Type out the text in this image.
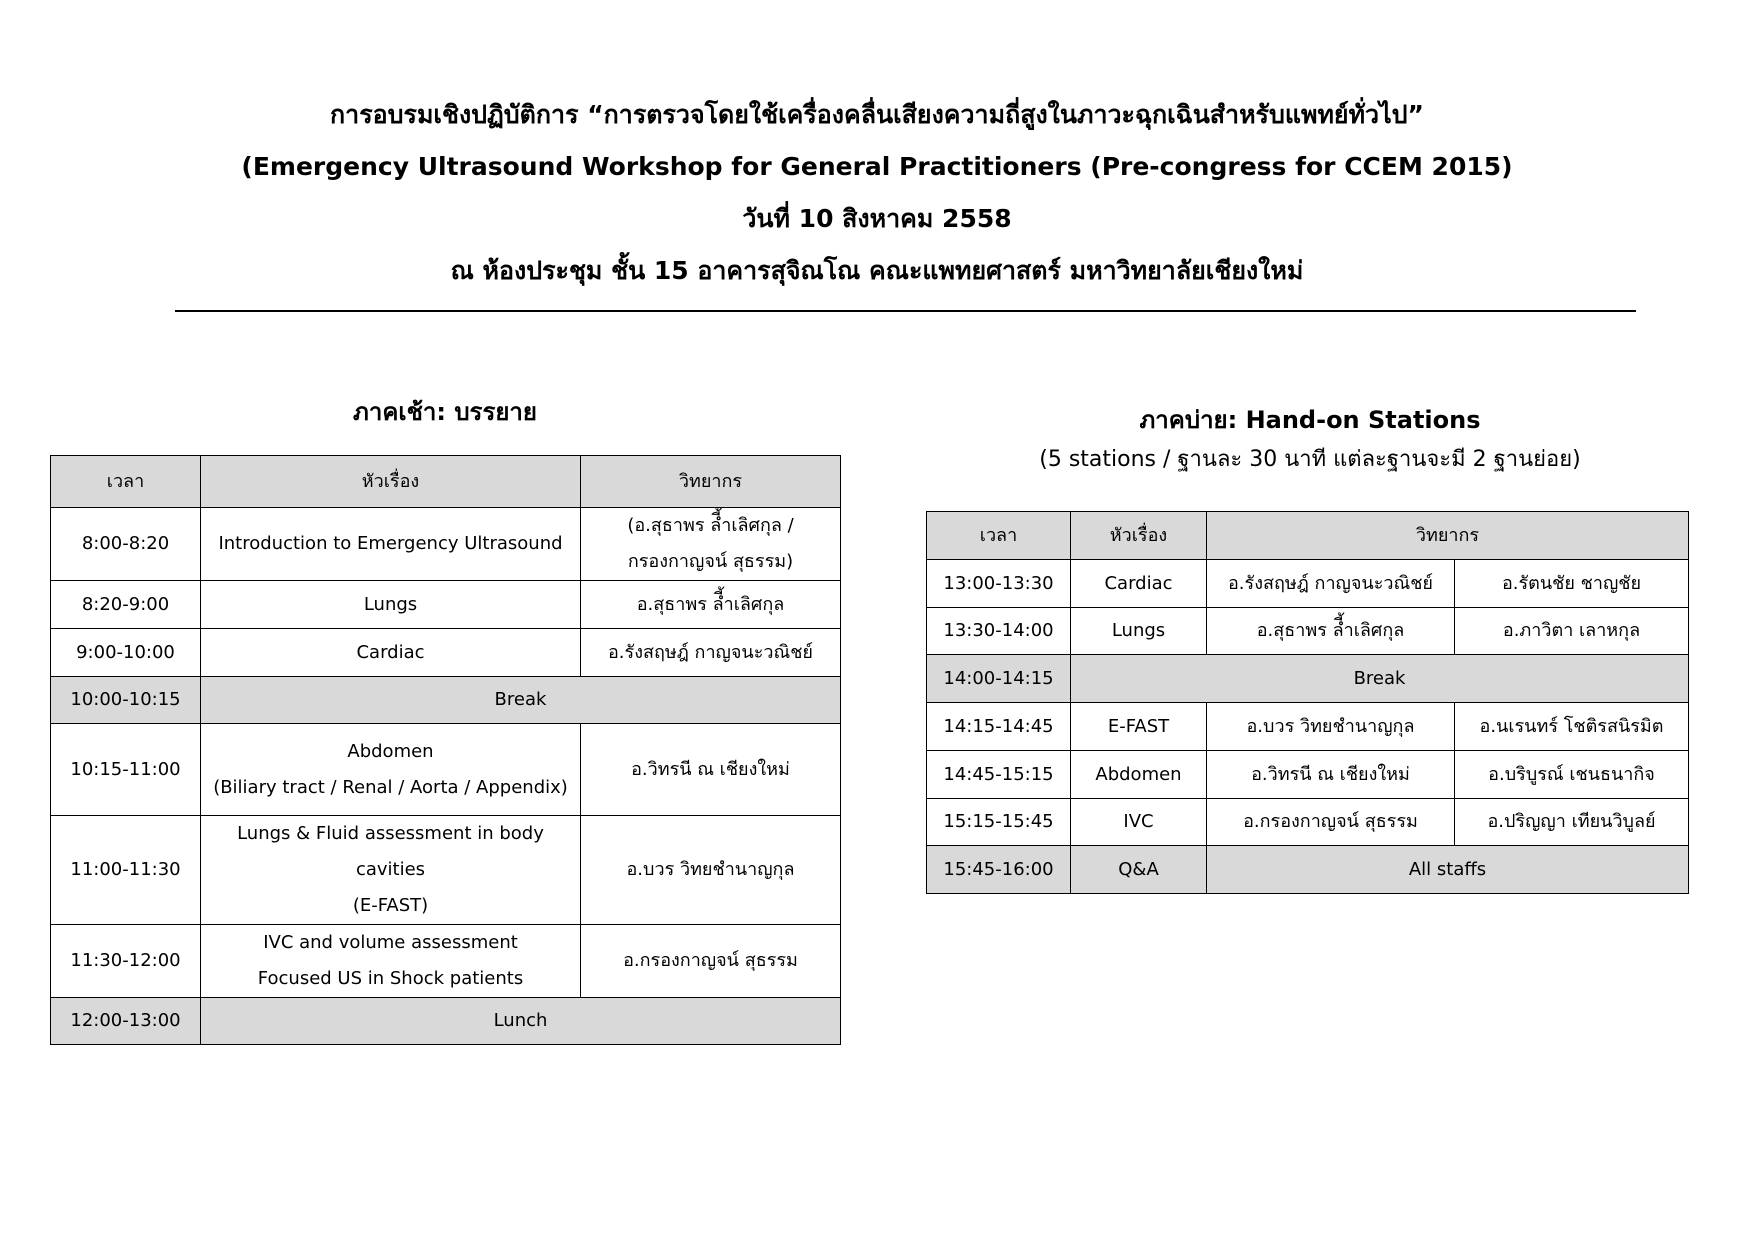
การอบรมเชิงปฏิบัติการ “การตรวจโดยใช้เครื่องคลื่นเสียงความถี่สูงในภาวะฉุกเฉินสำหรับแพทย์ทั่วไป”
(Emergency Ultrasound Workshop for General Practitioners (Pre-congress for CCEM 2015)
วันที่ 10 สิงหาคม 2558
ณ ห้องประชุม ชั้น 15 อาคารสุจิณโณ คณะแพทยศาสตร์ มหาวิทยาลัยเชียงใหม่
ภาคเช้า: บรรยาย
เวลา	หัวเรื่อง	วิทยากร
8:00-8:20	Introduction to Emergency Ultrasound	(อ.สุธาพร ลี้ำเลิศกุล /
กรองกาญจน์ สุธรรม)

8:20-9:00	Lungs	อ.สุธาพร ลี้ำเลิศกุล
9:00-10:00	Cardiac	อ.รังสฤษฎ์ กาญจนะวณิชย์
10:00-10:15	Break	
10:15-11:00	Abdomen
(Biliary tract / Renal / Aorta / Appendix)	อ.วิทรนี ณ เชียงใหม่
11:00-11:30	Lungs & Fluid assessment in body
cavities
(E-FAST)	อ.บวร วิทยชำนาญกุล
11:30-12:00	IVC and volume assessment
Focused US in Shock patients	อ.กรองกาญจน์ สุธรรม
12:00-13:00	Lunch	
ภาคบ่าย: Hand-on Stations
(5 stations / ฐานละ 30 นาที แต่ละฐานจะมี 2 ฐานย่อย)
เวลา	หัวเรื่อง	วิทยากร	
13:00-13:30	Cardiac	อ.รังสฤษฎ์ กาญจนะวณิชย์	อ.รัตนชัย ชาญชัย
13:30-14:00	Lungs	อ.สุธาพร ลี้ำเลิศกุล	อ.ภาวิตา เลาหกุล
14:00-14:15	Break		
14:15-14:45	E-FAST	อ.บวร วิทยชำนาญกุล	อ.นเรนทร์ โชติรสนิรมิต
14:45-15:15	Abdomen	อ.วิทรนี ณ เชียงใหม่	อ.บริบูรณ์ เชนธนากิจ
15:15-15:45	IVC	อ.กรองกาญจน์ สุธรรม	อ.ปริญญา เทียนวิบูลย์
15:45-16:00	Q&A	All staffs	
